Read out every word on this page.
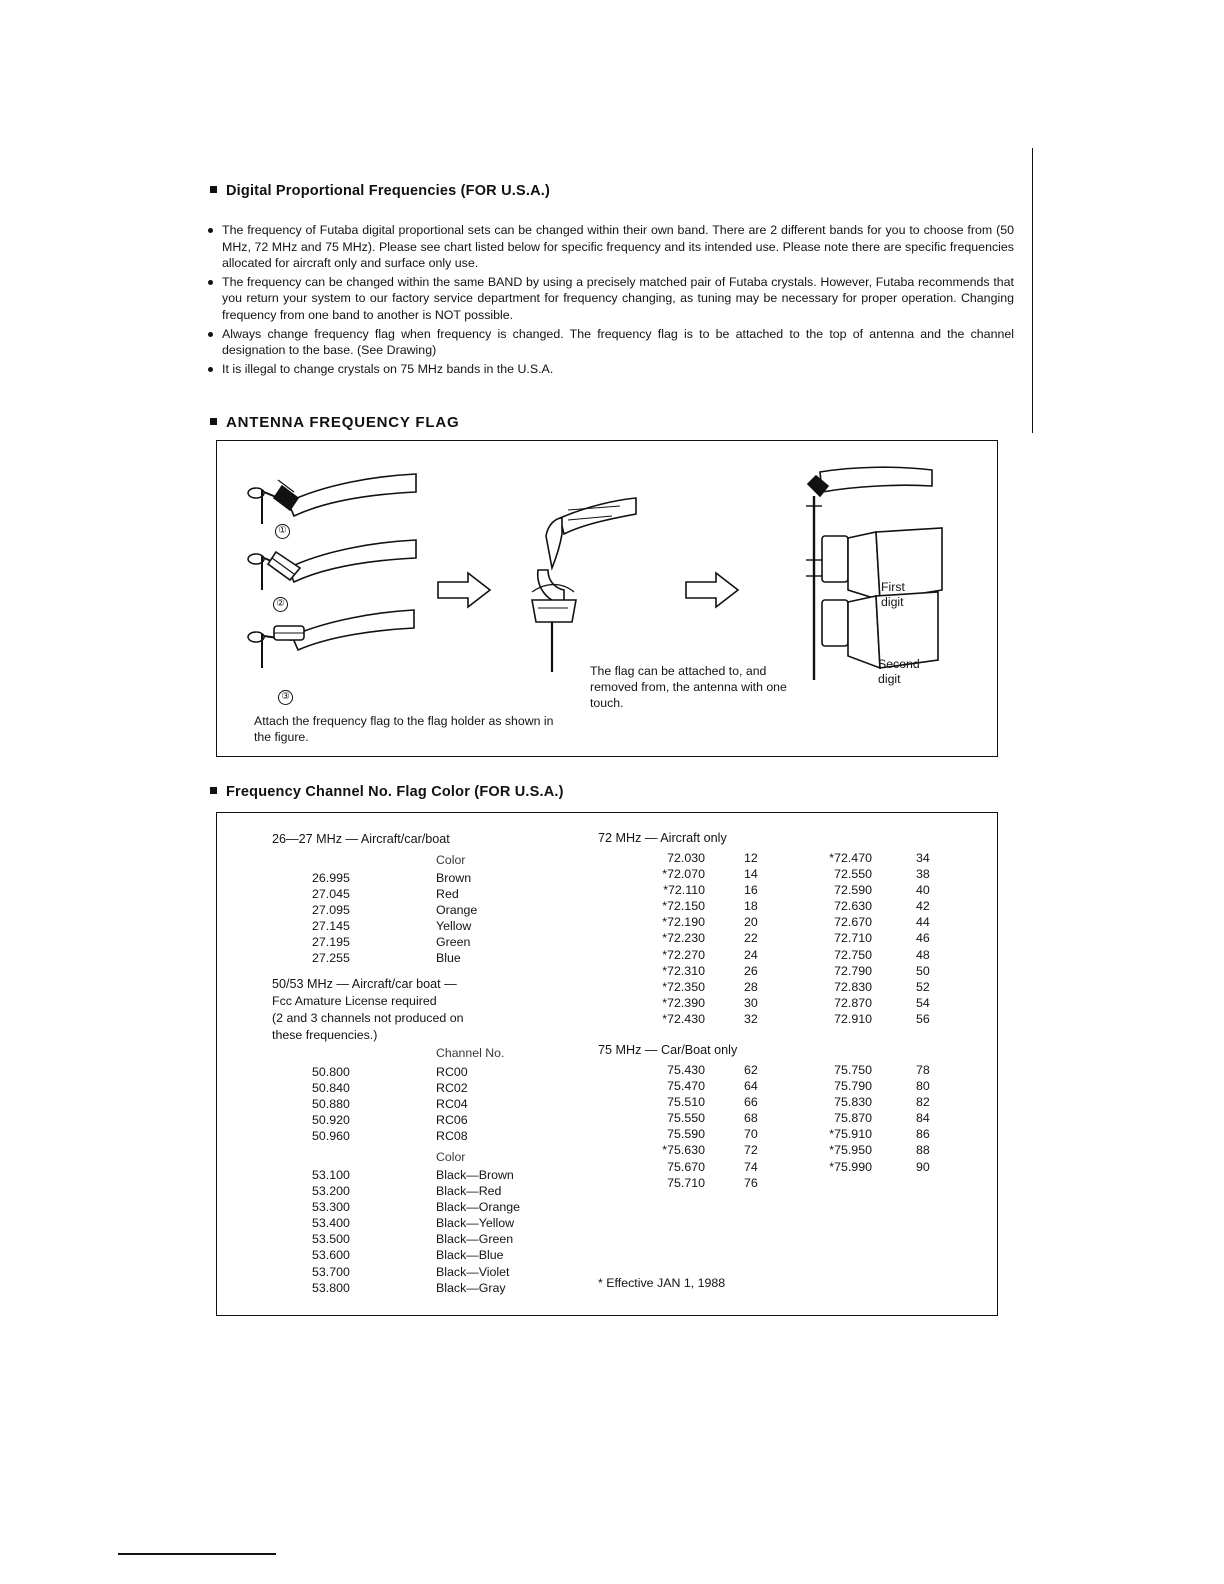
Digital Proportional Frequencies (FOR U.S.A.)
The frequency of Futaba digital proportional sets can be changed within their own band. There are 2 different bands for you to choose from (50 MHz, 72 MHz and 75 MHz). Please see chart listed below for specific frequency and its intended use. Please note there are specific frequencies allocated for aircraft only and surface only use.
The frequency can be changed within the same BAND by using a precisely matched pair of Futaba crystals. However, Futaba recommends that you return your system to our factory service department for frequency changing, as tuning may be necessary for proper operation. Changing frequency from one band to another is NOT possible.
Always change frequency flag when frequency is changed. The frequency flag is to be attached to the top of antenna and the channel designation to the base. (See Drawing)
It is illegal to change crystals on 75 MHz bands in the U.S.A.
ANTENNA FREQUENCY FLAG
①
②
③
Attach the frequency flag to the flag holder as shown in the figure.
The flag can be attached to, and removed from, the antenna with one touch.
First digit
Second digit
Frequency Channel No. Flag Color (FOR U.S.A.)
26—27 MHz — Aircraft/car/boat
50/53 MHz — Aircraft/car boat —
Fcc Amature License required
(2 and 3 channels not produced on
these frequencies.)
72 MHz — Aircraft only
75 MHz — Car/Boat only
* Effective JAN 1, 1988
Color
Channel No.
Color
26.995
27.045
27.095
27.145
27.195
27.255
Brown
Red
Orange
Yellow
Green
Blue
50.800
50.840
50.880
50.920
50.960
RC00
RC02
RC04
RC06
RC08
53.100
53.200
53.300
53.400
53.500
53.600
53.700
53.800
Black—Brown
Black—Red
Black—Orange
Black—Yellow
Black—Green
Black—Blue
Black—Violet
Black—Gray
72.030
*72.070
*72.110
*72.150
*72.190
*72.230
*72.270
*72.310
*72.350
*72.390
*72.430
12
14
16
18
20
22
24
26
28
30
32
*72.470
72.550
72.590
72.630
72.670
72.710
72.750
72.790
72.830
72.870
72.910
34
38
40
42
44
46
48
50
52
54
56
75.430
75.470
75.510
75.550
75.590
*75.630
75.670
75.710
62
64
66
68
70
72
74
76
75.750
75.790
75.830
75.870
*75.910
*75.950
*75.990
78
80
82
84
86
88
90
